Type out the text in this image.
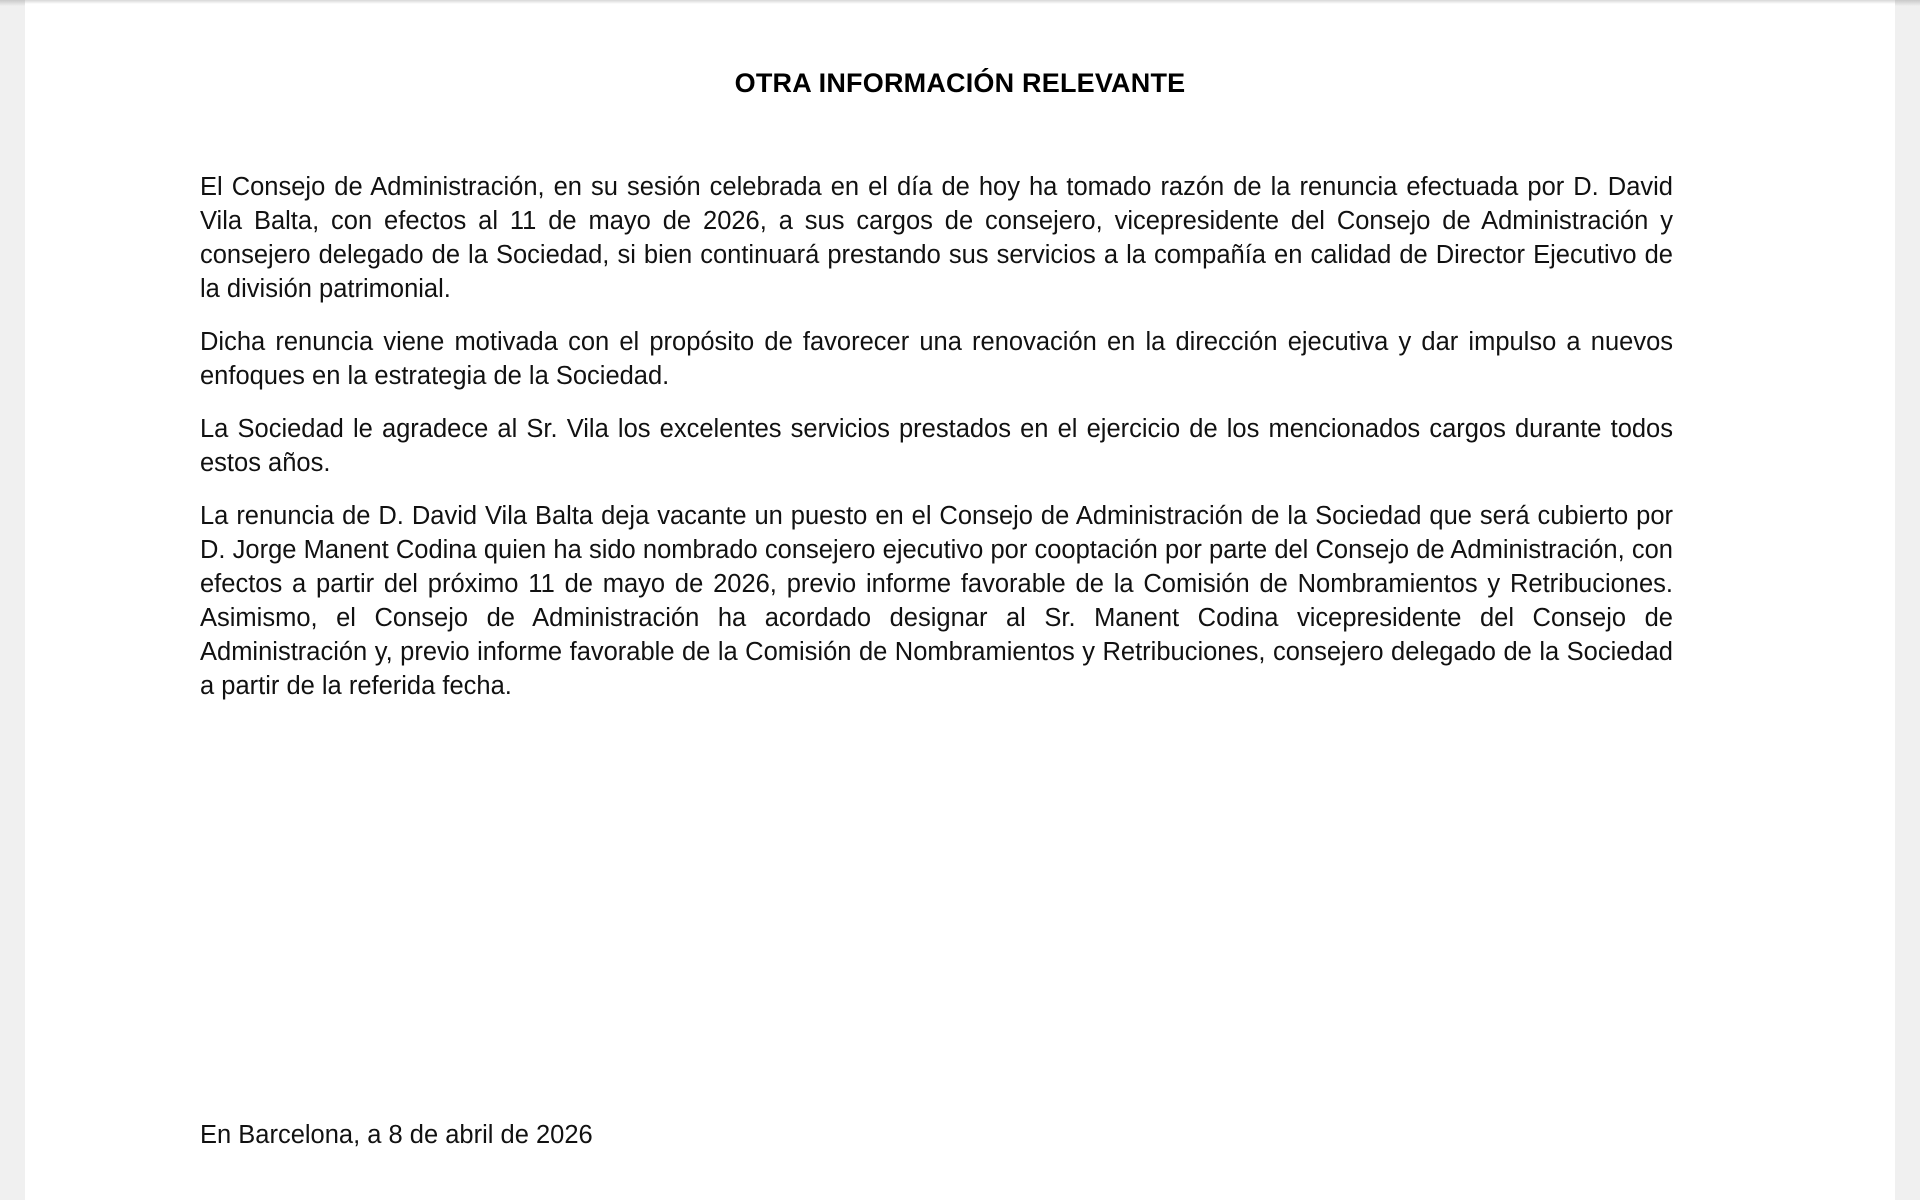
OTRA INFORMACIÓN RELEVANTE

El Consejo de Administración, en su sesión celebrada en el día de hoy ha tomado razón de la renuncia efectuada por D. David Vila Balta, con efectos al 11 de mayo de 2026, a sus cargos de consejero, vicepresidente del Consejo de Administración y consejero delegado de la Sociedad, si bien continuará prestando sus servicios a la compañía en calidad de Director Ejecutivo de la división patrimonial.

Dicha renuncia viene motivada con el propósito de favorecer una renovación en la dirección ejecutiva y dar impulso a nuevos enfoques en la estrategia de la Sociedad.

La Sociedad le agradece al Sr. Vila los excelentes servicios prestados en el ejercicio de los mencionados cargos durante todos estos años.

La renuncia de D. David Vila Balta deja vacante un puesto en el Consejo de Administración de la Sociedad que será cubierto por D. Jorge Manent Codina quien ha sido nombrado consejero ejecutivo por cooptación por parte del Consejo de Administración, con efectos a partir del próximo 11 de mayo de 2026, previo informe favorable de la Comisión de Nombramientos y Retribuciones. Asimismo, el Consejo de Administración ha acordado designar al Sr. Manent Codina vicepresidente del Consejo de Administración y, previo informe favorable de la Comisión de Nombramientos y Retribuciones, consejero delegado de la Sociedad a partir de la referida fecha.

En Barcelona, a 8 de abril de 2026
